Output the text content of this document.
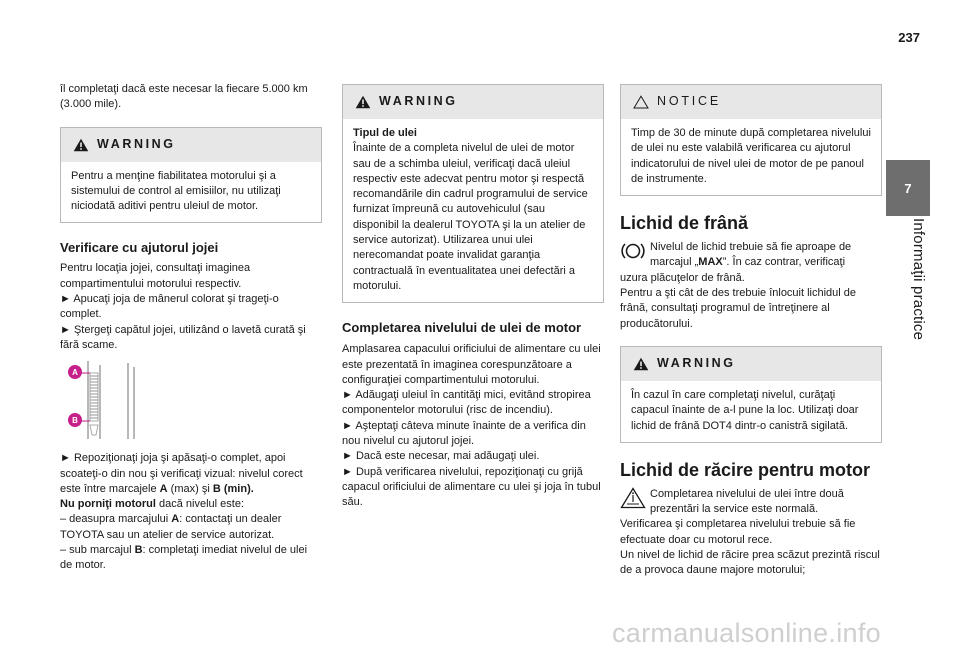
237
7
Informaţii practice

îl completaţi dacă este necesar la fiecare 5.000 km (3.000 mile).

WARNING
Pentru a menţine fiabilitatea motorului şi a sistemului de control al emisiilor, nu utilizaţi niciodată aditivi pentru uleiul de motor.
Verificare cu ajutorul jojei

Pentru locaţia jojei, consultaţi imaginea compartimentului motorului respectiv.

► Apucaţi joja de mânerul colorat şi trageţi-o complet.

► Ştergeţi capătul jojei, utilizând o lavetă curată şi fără scame.

A
B

► Repoziţionaţi joja şi apăsaţi-o complet, apoi scoateţi-o din nou şi verificaţi vizual: nivelul corect este între marcajele A (max) şi B (min).

Nu porniţi motorul dacă nivelul este:

– deasupra marcajului A: contactaţi un dealer TOYOTA sau un atelier de service autorizat.

– sub marcajul B: completaţi imediat nivelul de ulei de motor.

WARNING
Tipul de ulei
Înainte de a completa nivelul de ulei de motor sau de a schimba uleiul, verificaţi dacă uleiul respectiv este adecvat pentru motor şi respectă recomandările din cadrul programului de service furnizat împreună cu autovehiculul (sau disponibil la dealerul TOYOTA şi la un atelier de service autorizat). Utilizarea unui ulei nerecomandat poate invalidat garanţia contractuală în eventualitatea unei defectări a motorului.
Completarea nivelului de ulei de motor

Amplasarea capacului orificiului de alimentare cu ulei este prezentată în imaginea corespunzătoare a configuraţiei compartimentului motorului.

► Adăugaţi uleiul în cantităţi mici, evitând stropirea componentelor motorului (risc de incendiu).

► Aşteptaţi câteva minute înainte de a verifica din nou nivelul cu ajutorul jojei.

► Dacă este necesar, mai adăugaţi ulei.

► După verificarea nivelului, repoziţionaţi cu grijă capacul orificiului de alimentare cu ulei şi joja în tubul său.

NOTICE
Timp de 30 de minute după completarea nivelului de ulei nu este valabilă verificarea cu ajutorul indicatorului de nivel ulei de motor de pe panoul de instrumente.
Lichid de frână
Nivelul de lichid trebuie să fie aproape de
marcajul „MAX”. În caz contrar, verificaţi

uzura plăcuţelor de frână.

Pentru a şti cât de des trebuie înlocuit lichidul de frână, consultaţi programul de întreţinere al producătorului.

WARNING
În cazul în care completaţi nivelul, curăţaţi capacul înainte de a-l pune la loc. Utilizaţi doar lichid de frână DOT4 dintr-o canistră sigilată.
Lichid de răcire pentru motor
Completarea nivelului de ulei între două
prezentări la service este normală.

Verificarea şi completarea nivelului trebuie să fie efectuate doar cu motorul rece.

Un nivel de lichid de răcire prea scăzut prezintă riscul de a provoca daune majore motorului;

carmanualsonline.info
